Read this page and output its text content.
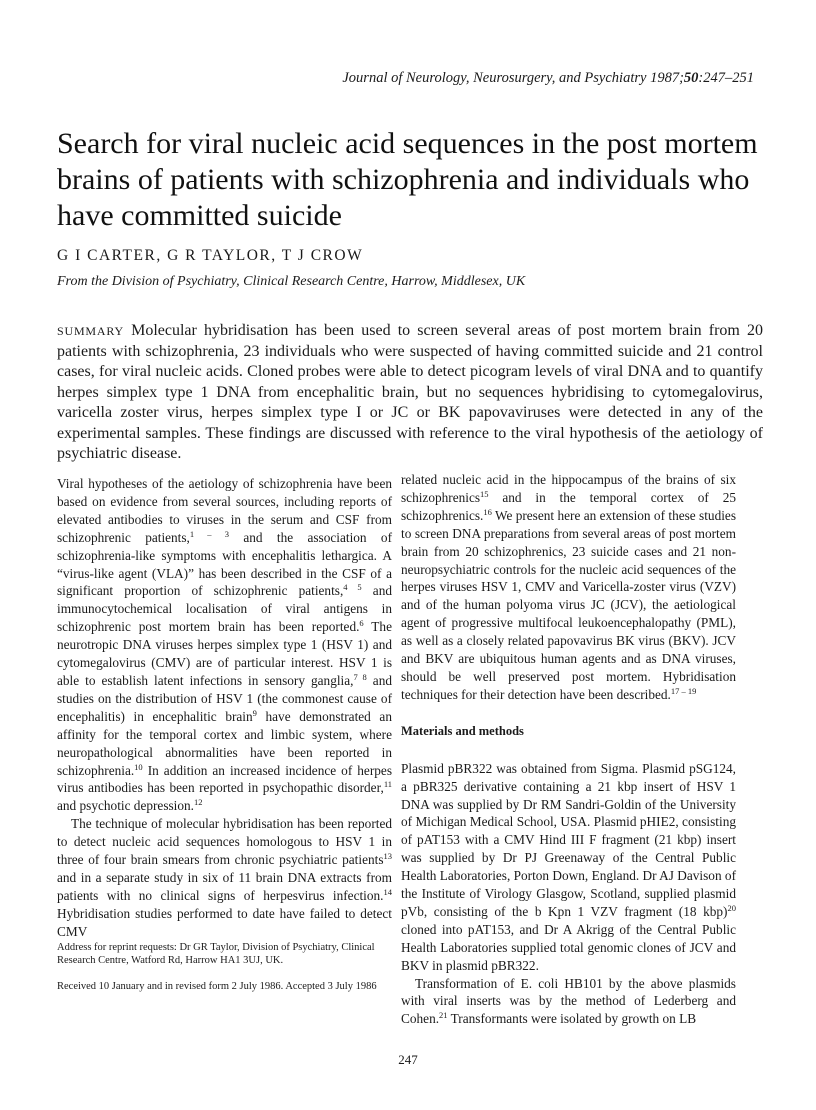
Journal of Neurology, Neurosurgery, and Psychiatry 1987;50:247–251
Search for viral nucleic acid sequences in the post mortem brains of patients with schizophrenia and individuals who have committed suicide
G I CARTER, G R TAYLOR, T J CROW
From the Division of Psychiatry, Clinical Research Centre, Harrow, Middlesex, UK

SUMMARY Molecular hybridisation has been used to screen several areas of post mortem brain from 20 patients with schizophrenia, 23 individuals who were suspected of having committed suicide and 21 control cases, for viral nucleic acids. Cloned probes were able to detect picogram levels of viral DNA and to quantify herpes simplex type 1 DNA from encephalitic brain, but no sequences hybridising to cytomegalovirus, varicella zoster virus, herpes simplex type I or JC or BK papovaviruses were detected in any of the experimental samples. These findings are discussed with reference to the viral hypothesis of the aetiology of psychiatric disease.

Viral hypotheses of the aetiology of schizophrenia have been based on evidence from several sources, including reports of elevated antibodies to viruses in the serum and CSF from schizophrenic patients,$^{1 - 3}$ and the association of schizophrenia-like symptoms with encephalitis lethargica. A “virus-like agent (VLA)” has been described in the CSF of a significant proportion of schizophrenic patients,$^{4 5}$ and immunocytochemical localisation of viral antigens in schizophrenic post mortem brain has been reported.$^6$ The neurotropic DNA viruses herpes simplex type 1 (HSV 1) and cytomegalovirus (CMV) are of particular interest. HSV 1 is able to establish latent infections in sensory ganglia,$^{7 8}$ and studies on the distribution of HSV 1 (the commonest cause of encephalitis) in encephalitic brain$^9$ have demonstrated an affinity for the temporal cortex and limbic system, where neuropathological abnormalities have been reported in schizophrenia.$^{10}$ In addition an increased incidence of herpes virus antibodies has been reported in psychopathic disorder,$^{11}$ and psychotic depression.$^{12}$

The technique of molecular hybridisation has been reported to detect nucleic acid sequences homologous to HSV 1 in three of four brain smears from chronic psychiatric patients$^{13}$ and in a separate study in six of 11 brain DNA extracts from patients with no clinical signs of herpesvirus infection.$^{14}$ Hybridisation studies performed to date have failed to detect CMV

Address for reprint requests: Dr GR Taylor, Division of Psychiatry, Clinical Research Centre, Watford Rd, Harrow HA1 3UJ, UK.

Received 10 January and in revised form 2 July 1986. Accepted 3 July 1986

related nucleic acid in the hippocampus of the brains of six schizophrenics$^{15}$ and in the temporal cortex of 25 schizophrenics.$^{16}$ We present here an extension of these studies to screen DNA preparations from several areas of post mortem brain from 20 schizophrenics, 23 suicide cases and 21 non-neuropsychiatric controls for the nucleic acid sequences of the herpes viruses HSV 1, CMV and Varicella-zoster virus (VZV) and of the human polyoma virus JC (JCV), the aetiological agent of progressive multifocal leukoencephalopathy (PML), as well as a closely related papovavirus BK virus (BKV). JCV and BKV are ubiquitous human agents and as DNA viruses, should be well preserved post mortem. Hybridisation techniques for their detection have been described.$^{17 - 19}$

Materials and methods

Plasmid pBR322 was obtained from Sigma. Plasmid pSG124, a pBR325 derivative containing a 21 kbp insert of HSV 1 DNA was supplied by Dr RM Sandri-Goldin of the University of Michigan Medical School, USA. Plasmid pHIE2, consisting of pAT153 with a CMV Hind III F fragment (21 kbp) insert was supplied by Dr PJ Greenaway of the Central Public Health Laboratories, Porton Down, England. Dr AJ Davison of the Institute of Virology Glasgow, Scotland, supplied plasmid pVb, consisting of the b Kpn 1 VZV fragment (18 kbp)$^{20}$ cloned into pAT153, and Dr A Akrigg of the Central Public Health Laboratories supplied total genomic clones of JCV and BKV in plasmid pBR322.

Transformation of E. coli HB101 by the above plasmids with viral inserts was by the method of Lederberg and Cohen.$^{21}$ Transformants were isolated by growth on LB

247
